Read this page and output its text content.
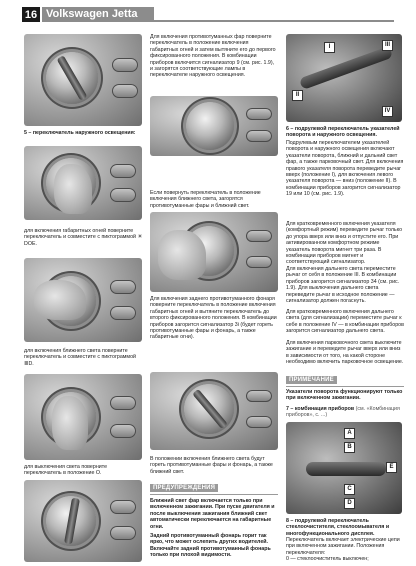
16 Volkswagen Jetta
5 – переключатель наружного освещения:
для включения габаритных огней поверните переключатель и совместите с пиктограммой ☀DOE.
для включения ближнего света поверните переключатель и совместите с пиктограммой ≣D.
для выключения света поверните переключатель в положение O.
Для включения противотуманных фар поверните переключатель в положение включения габаритных огней и затем вытяните его до первого фиксированного положения. В комбинации приборов включится сигнализатор 9 (см. рис. 1.9), и загорятся соответствующие лампы в переключателе наружного освещения.
Если повернуть переключатель в положение включения ближнего света, загорятся противотуманные фары и ближний свет.
Для включения заднего противотуманного фонаря поверните переключатель в положение включения габаритных огней и вытяните переключатель до второго фиксированного положения. В комбинации приборов загорится сигнализатор 3i (будет гореть противотуманные фары и фонарь, а также габаритные огни).
В положении включения ближнего света будут гореть противотуманные фары и фонарь, а также ближний свет.
ПРЕДУПРЕЖДЕНИЯ
Ближний свет фар включается только при включенном зажигании. При пуске двигателя и после выключения зажигания ближний свет автоматически переключается на габаритные огни.
Задний противотуманный фонарь горит так ярко, что может ослепить других водителей. Включайте задний противотуманный фонарь только при плохой видимости.
I
II
III
IV
6 – подрулевой переключатель указателей поворота и наружного освещения.
Подрулевым переключателем указателей поворота и наружного освещения включают указатели поворота, ближний и дальний свет фар, а также парковочный свет. Для включения правого указателя поворота переведите рычаг вверх (положение I), для включения левого указателя поворота — вниз (положение II). В комбинации приборов загорится сигнализатор 19 или 10 (см. рис. 1.9).
Для кратковременного включения указателя (комфортный режим) переведите рычаг только до упора вверх или вниз и отпустите его. При активированном комфортном режиме указатель поворота мигнет три раза. В комбинации приборов мигнет и соответствующий сигнализатор.
Для включения дальнего света переместите рычаг от себя в положение III. В комбинации приборов загорится сигнализатор 34 (см. рис. 1.9). Для выключения дальнего света переведите рычаг в исходное положение — сигнализатор должен погаснуть.
Для кратковременного включения дальнего света (для сигнализации) переместите рычаг к себе в положение IV — в комбинации приборов загорится сигнализатор дальнего света.
Для включения парковочного света выключите зажигание и переведите рычаг вверх или вниз в зависимости от того, на какой стороне необходимо включить парковочное освещение.
ПРИМЕЧАНИЕ
Указатели поворота функционируют только при включенном зажигании.
7 – комбинация приборов (см. «Комбинация приборов», с. ...)
A
B
C
D
E
8 – подрулевой переключатель стеклоочистителя, стеклоомывателя и многофункционального дисплея.
Переключатель включает электрические цепи при включенном зажигании. Положения переключателя:
0 — стеклоочиститель выключен;
